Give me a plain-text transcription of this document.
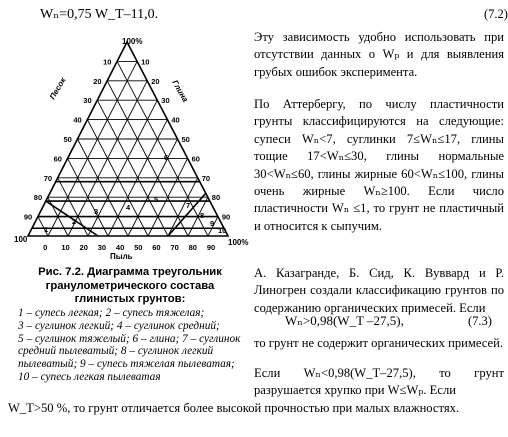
Wₙ=0,75 W_T–11,0.	(7.2)
0 10 20 30 40 50 60 70 80 90
10
20
30
40
50
60
70
80
90
10
20
30
40
50
60
70
80
90
1
2
3	4
5
6
7
8
9
10
Песок	Глина
Пыль
100%
100	100%
Эту зависимость удобно использовать при отсутствии данных о Wₚ и для выявления грубых ошибок эксперимента.
По Аттербергу, по числу пластичности грунты классифицируются на следующие: супеси Wₙ<7, суглинки 7≤Wₙ≤17, глины тощие 17<Wₙ≤30, глины нормальные 30<Wₙ≤60, глины жирные 60<Wₙ≤100, глины очень жирные Wₙ≥100. Если число пластичности Wₙ ≤1, то грунт не пластичный и относится к сыпучим.
А. Казагранде, Б. Сид, К. Вуввард и Р. Линогрен создали классификацию грунтов по содержанию органических примесей. Если
Wₙ>0,98(W_T –27,5),	(7.3)
то грунт не содержит органических примесей.
Если Wₙ<0,98(W_T–27,5), то грунт разрушается хрупко при W≤Wₚ. Если
Рис. 7.2. Диаграмма треугольник гранулометрического состава глинистых грунтов:
1 – супесь легкая; 2 – супесь тяжелая;
3 – суглинок легкий; 4 – суглинок средний;
5 – суглинок тяжелый; 6 – глина; 7 – суглинок средний пылеватый; 8 – суглинок легкий
пылеватый; 9 – супесь тяжелая пылеватая;
10 – супесь легкая пылеватая
W_T>50 %, то грунт отличается более высокой прочностью при малых влажностях.
